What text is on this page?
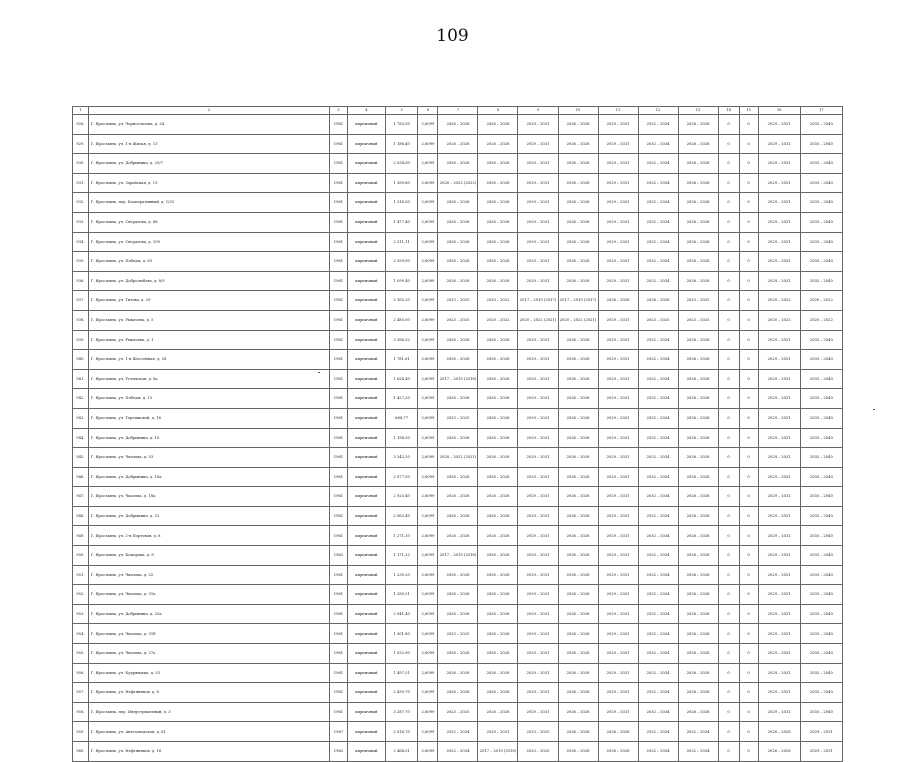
109
1	2	3	4	5	6	7	8	9	10	11	12	13	14	15	16	17
928.	Г. Ярославль, ул. Черноглазова, д. 24	1961	кирпичный	1 783,50	2,6099	2026 – 2028	2026 – 2028	2029 – 2031	2026 – 2028	2029 – 2031	2032 – 2034	2026 – 2028	0	0	2029 – 2031	2035 – 2040
929.	Г. Ярославль, ул. 1-я Жилая, д. 13	1961	кирпичный	1 186,40	2,6099	2026 – 2028	2026 – 2028	2029 – 2031	2026 – 2028	2029 – 2031	2032 – 2034	2026 – 2028	0	0	2029 – 2031	2035 – 2040
930.	Г. Ярославль, ул. Добрынина, д. 29/7	1961	кирпичный	2 034,00	2,6099	2026 – 2028	2026 – 2028	2029 – 2031	2026 – 2028	2029 – 2031	2032 – 2034	2026 – 2028	0	0	2029 – 2031	2035 – 2040
931.	Г. Ярославль, ул. Зарайская, д. 13	1961	кирпичный	1 389,60	2,6099	2020 – 2022 (2022)	2026 – 2028	2029 – 2031	2026 – 2028	2029 – 2031	2032 – 2034	2026 – 2028	0	0	2029 – 2031	2035 – 2040
932.	Г. Ярославль, пер. Кооперативный, д. 1/25	1961	кирпичный	1 516,50	2,6099	2026 – 2028	2026 – 2028	2029 – 2031	2026 – 2028	2029 – 2031	2032 – 2034	2026 – 2028	0	0	2029 – 2031	2035 – 2040
933.	Г. Ярославль, ул. Свердлова, д. 88	1961	кирпичный	1 477,40	2,6099	2026 – 2028	2026 – 2028	2029 – 2031	2026 – 2028	2029 – 2031	2032 – 2034	2026 – 2028	0	0	2029 – 2031	2035 – 2040
934.	Г. Ярославль, ул. Свердлова, д. 100	1961	кирпичный	2 511,11	2,6099	2026 – 2028	2026 – 2028	2029 – 2031	2026 – 2028	2029 – 2031	2032 – 2034	2026 – 2028	0	0	2029 – 2031	2035 – 2040
935.	Г. Ярославль, ул. Победы, д. 63	1961	кирпичный	2 559,00	2,6099	2026 – 2028	2026 – 2028	2029 – 2031	2026 – 2028	2029 – 2031	2032 – 2034	2026 – 2028	0	0	2029 – 2031	2035 – 2040
936.	Г. Ярославль, ул. Добролюбова, д. 8/9	1961	кирпичный	1 099,40	2,6099	2026 – 2028	2026 – 2028	2029 – 2031	2026 – 2028	2029 – 2031	2032 – 2034	2026 – 2028	0	0	2029 – 2031	2035 – 2040
937.	Г. Ярославль, ул. Титова, д. 29	1961	кирпичный	5 165,33	2,6099	2023 – 2025	2020 – 2022	2017 – 2019 (2017)	2017 – 2019 (2017)	2026 – 2028	2026 – 2028	2023 – 2025	0	0	2020 – 2022	2020 – 2022
938.	Г. Ярославль, ул. Рыкачева, д. 5	1961	кирпичный	2 485,00	2,6099	2023 – 2025	2020 – 2022	2020 – 2022 (2021)	2020 – 2022 (2021)	2029 – 2031	2023 – 2025	2023 – 2025	0	0	2020 – 2022	2020 – 2022
939.	Г. Ярославль, ул. Рыкачева, д. 1	1961	кирпичный	3 386,32	2,6099	2026 – 2028	2026 – 2028	2029 – 2031	2026 – 2028	2029 – 2031	2032 – 2034	2026 – 2028	0	0	2029 – 2031	2035 – 2040
940.	Г. Ярославль, ул. 1-я Шоссейная, д. 28	1961	кирпичный	1 781,61	2,6099	2026 – 2028	2026 – 2028	2029 – 2031	2026 – 2028	2029 – 2031	2032 – 2034	2026 – 2028	0	0	2029 – 2031	2035 – 2040
941.	Г. Ярославль, ул. Угличская, д. 6а	1961	кирпичный	1 624,40	2,6099	2017 – 2019 (2018)	2026 – 2028	2029 – 2031	2026 – 2028	2029 – 2031	2032 – 2034	2026 – 2028	0	0	2029 – 2031	2035 – 2040
942.	Г. Ярославль, ул. Победы, д. 13	1961	кирпичный	1 427,20	2,6099	2026 – 2028	2026 – 2028	2029 – 2031	2026 – 2028	2029 – 2031	2032 – 2034	2026 – 2028	0	0	2029 – 2031	2035 – 2040
943.	Г. Ярославль, ул. Терешковой, д. 16	1961	кирпичный	668,77	2,6099	2023 – 2025	2026 – 2028	2029 – 2031	2026 – 2028	2029 – 2031	2032 – 2034	2026 – 2028	0	0	2029 – 2031	2035 – 2040
944.	Г. Ярославль, ул. Добрынина, д. 16	1961	кирпичный	1 194,50	2,6099	2026 – 2028	2026 – 2028	2029 – 2031	2026 – 2028	2029 – 2031	2032 – 2034	2026 – 2028	0	0	2029 – 2031	2035 – 2040
945.	Г. Ярославль, ул. Чкалова, д. 53	1961	кирпичный	3 243,20	2,6099	2020 – 2022 (2021)	2026 – 2028	2029 – 2031	2026 – 2028	2029 – 2031	2032 – 2034	2026 – 2028	0	0	2029 – 2031	2035 – 2040
946.	Г. Ярославль, ул. Добрынина, д. 18а	1961	кирпичный	2 077,50	2,6099	2026 – 2028	2026 – 2028	2029 – 2031	2026 – 2028	2029 – 2031	2032 – 2034	2026 – 2028	0	0	2029 – 2031	2035 – 2040
947.	Г. Ярославль, ул. Чкалова, д. 18а	1961	кирпичный	2 925,40	2,6099	2026 – 2028	2026 – 2028	2029 – 2031	2026 – 2028	2029 – 2031	2032 – 2034	2026 – 2028	0	0	2029 – 2031	2035 – 2040
948.	Г. Ярославль, ул. Добрынина, д. 22	1961	кирпичный	2 063,40	2,6099	2026 – 2028	2026 – 2028	2029 – 2031	2026 – 2028	2029 – 2031	2032 – 2034	2026 – 2028	0	0	2029 – 2031	2035 – 2040
949.	Г. Ярославль, ул. 2-я Портовая, д. 8	1961	кирпичный	1 271,20	2,6099	2026 – 2028	2026 – 2028	2029 – 2031	2026 – 2028	2029 – 2031	2032 – 2034	2026 – 2028	0	0	2029 – 2031	2035 – 2040
950.	Г. Ярославль, ул. Комарова, д. 8	1962	кирпичный	1 171,22	2,6099	2017 – 2019 (2018)	2026 – 2028	2029 – 2031	2026 – 2028	2029 – 2031	2032 – 2034	2026 – 2028	0	0	2029 – 2031	2035 – 2040
951.	Г. Ярославль, ул. Чкалова, д. 25	1961	кирпичный	1 230,20	2,6099	2026 – 2028	2026 – 2028	2029 – 2031	2026 – 2028	2029 – 2031	2032 – 2034	2026 – 2028	0	0	2029 – 2031	2035 – 2040
952.	Г. Ярославль, ул. Чкалова, д. 31а	1961	кирпичный	1 280,51	2,6099	2026 – 2028	2026 – 2028	2029 – 2031	2026 – 2028	2029 – 2031	2032 – 2034	2026 – 2028	0	0	2029 – 2031	2035 – 2040
953.	Г. Ярославль, ул. Добрынина, д. 25а	1961	кирпичный	2 041,40	2,6099	2026 – 2028	2026 – 2028	2029 – 2031	2026 – 2028	2029 – 2031	2032 – 2034	2026 – 2028	0	0	2029 – 2031	2035 – 2040
954.	Г. Ярославль, ул. Чкалова, д. 31б	1961	кирпичный	1 301,80	2,6099	2023 – 2025	2026 – 2028	2029 – 2031	2026 – 2028	2029 – 2031	2032 – 2034	2026 – 2028	0	0	2029 – 2031	2035 – 2040
955.	Г. Ярославль, ул. Чкалова, д. 27а	1961	кирпичный	1 032,90	2,6099	2026 – 2028	2026 – 2028	2029 – 2031	2026 – 2028	2029 – 2031	2032 – 2034	2026 – 2028	0	0	2029 – 2031	2035 – 2040
956.	Г. Ярославль, ул. Кудрявцева, д. 33	1961	кирпичный	1 497,51	2,6099	2026 – 2028	2026 – 2028	2029 – 2031	2026 – 2028	2029 – 2031	2032 – 2034	2026 – 2028	0	0	2029 – 2031	2035 – 2040
957.	Г. Ярославль, ул. Нефтяников, д. 8	1961	кирпичный	2 439,70	2,6099	2026 – 2028	2026 – 2028	2029 – 2031	2026 – 2028	2029 – 2031	2032 – 2034	2026 – 2028	0	0	2029 – 2031	2035 – 2040
958.	Г. Ярославль, пер. Индустриальный, д. 3	1961	кирпичный	3 287,70	2,6099	2023 – 2025	2026 – 2028	2029 – 2031	2026 – 2028	2029 – 2031	2032 – 2034	2026 – 2028	0	0	2029 – 2031	2035 – 2040
959.	Г. Ярославль, ул. Автозаводская, д. 61	1967	кирпичный	2 016,70	2,6099	2032 – 2034	2029 – 2031	2023 – 2025	2026 – 2028	2026 – 2028	2032 – 2034	2032 – 2034	0	0	2026 – 2028	2029 – 2031
960.	Г. Ярославль, ул. Нефтяников, д. 16	1962	кирпичный	2 464,01	2,6099	2032 – 2034	2017 – 2019 (2018)	2023 – 2025	2026 – 2028	2026 – 2028	2032 – 2034	2032 – 2034	0	0	2026 – 2028	2029 – 2031
